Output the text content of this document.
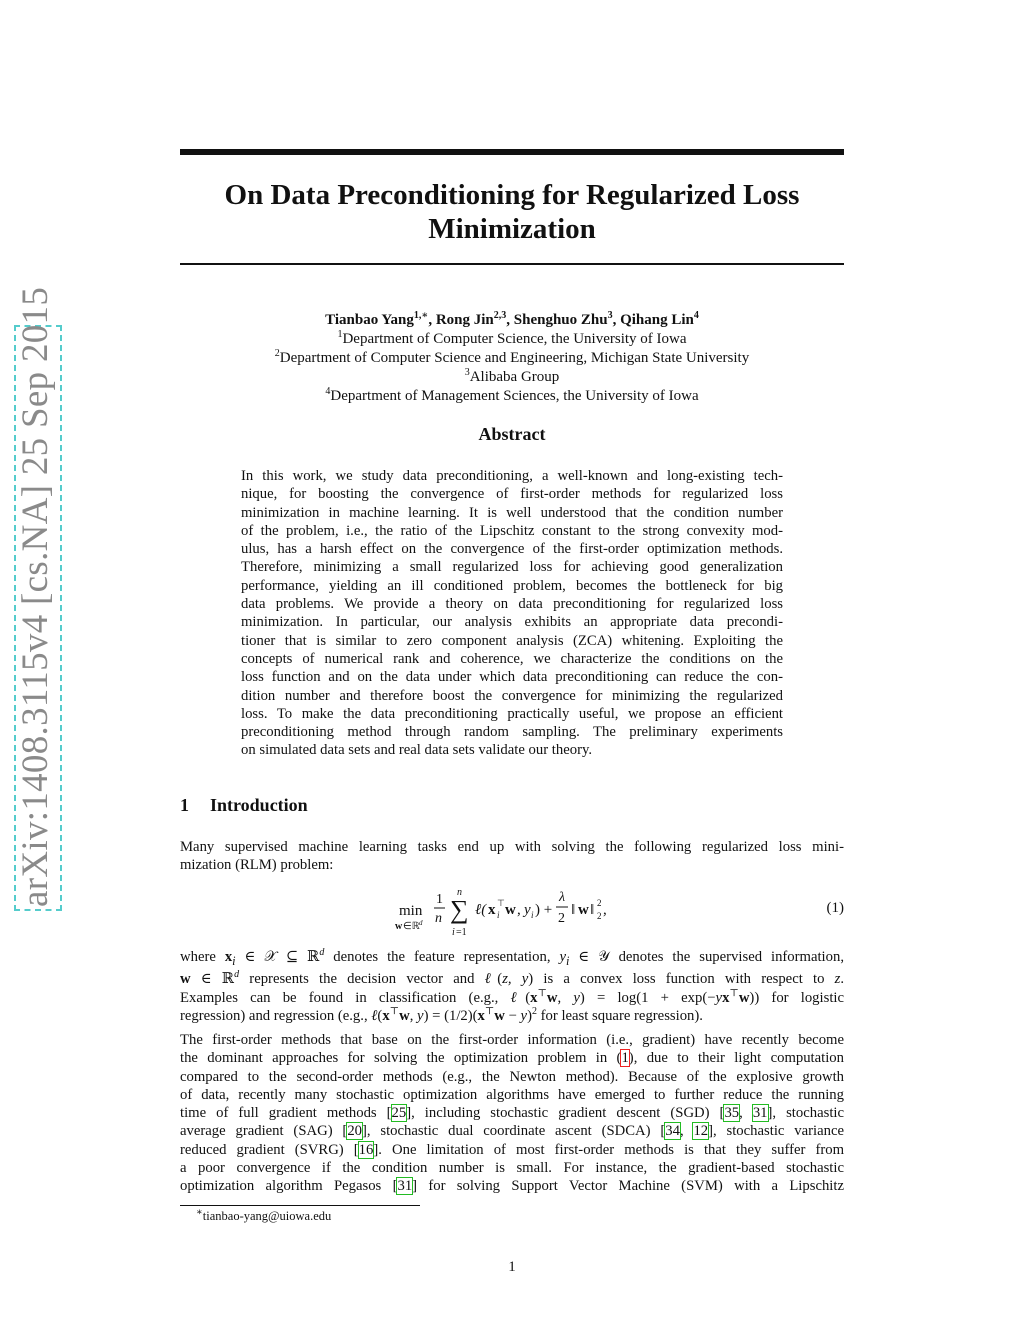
arXiv:1408.3115v4 [cs.NA] 25 Sep 2015
On Data Preconditioning for Regularized Loss
Minimization
Tianbao Yang$^{1,∗}$, Rong Jin$^{2,3}$, Shenghuo Zhu$^3$, Qihang Lin$^4$
$^1$Department of Computer Science, the University of Iowa
$^2$Department of Computer Science and Engineering, Michigan State University
$^3$Alibaba Group
$^4$Department of Management Sciences, the University of Iowa
Abstract
In this work, we study data preconditioning, a well-known and long-existing tech-
nique, for boosting the convergence of first-order methods for regularized loss
minimization in machine learning. It is well understood that the condition number
of the problem, i.e., the ratio of the Lipschitz constant to the strong convexity mod-
ulus, has a harsh effect on the convergence of the first-order optimization methods.
Therefore, minimizing a small regularized loss for achieving good generalization
performance, yielding an ill conditioned problem, becomes the bottleneck for big
data problems. We provide a theory on data preconditioning for regularized loss
minimization. In particular, our analysis exhibits an appropriate data precondi-
tioner that is similar to zero component analysis (ZCA) whitening. Exploiting the
concepts of numerical rank and coherence, we characterize the conditions on the
loss function and on the data under which data preconditioning can reduce the con-
dition number and therefore boost the convergence for minimizing the regularized
loss. To make the data preconditioning practically useful, we propose an efficient
preconditioning method through random sampling. The preliminary experiments
on simulated data sets and real data sets validate our theory.
1 Introduction
Many supervised machine learning tasks end up with solving the following regularized loss mini-
mization (RLM) problem:
min
w ∈ℝ d
1
n
n
∑
i =1
ℓ( x i
⊤ w , y i ) +
λ
2
‖ w ‖ 2
2 ,	(1)
where $x_i$ ∈ 𝒳 ⊆ ℝ$^d$ denotes the feature representation, $y_i$ ∈ 𝒴 denotes the supervised information,
w ∈ ℝ$^d$ represents the decision vector and ℓ(z, y) is a convex loss function with respect to z.
Examples can be found in classification (e.g., ℓ(x⊤w, y) = log(1 + exp(−yx⊤w)) for logistic
regression) and regression (e.g., ℓ(x⊤w, $y) = (1/2)(x^⊤w - y)^2$ for least square regression).
The first-order methods that base on the first-order information (i.e., gradient) have recently become
the dominant approaches for solving the optimization problem in (1), due to their light computation
compared to the second-order methods (e.g., the Newton method). Because of the explosive growth
of data, recently many stochastic optimization algorithms have emerged to further reduce the running
time of full gradient methods [25], including stochastic gradient descent (SGD) [35, 31], stochastic
average gradient (SAG) [20], stochastic dual coordinate ascent (SDCA) [34, 12], stochastic variance
reduced gradient (SVRG) [16]. One limitation of most first-order methods is that they suffer from
a poor convergence if the condition number is small. For instance, the gradient-based stochastic
optimization algorithm Pegasos [31] for solving Support Vector Machine (SVM) with a Lipschitz
∗tianbao-yang@uiowa.edu
1
